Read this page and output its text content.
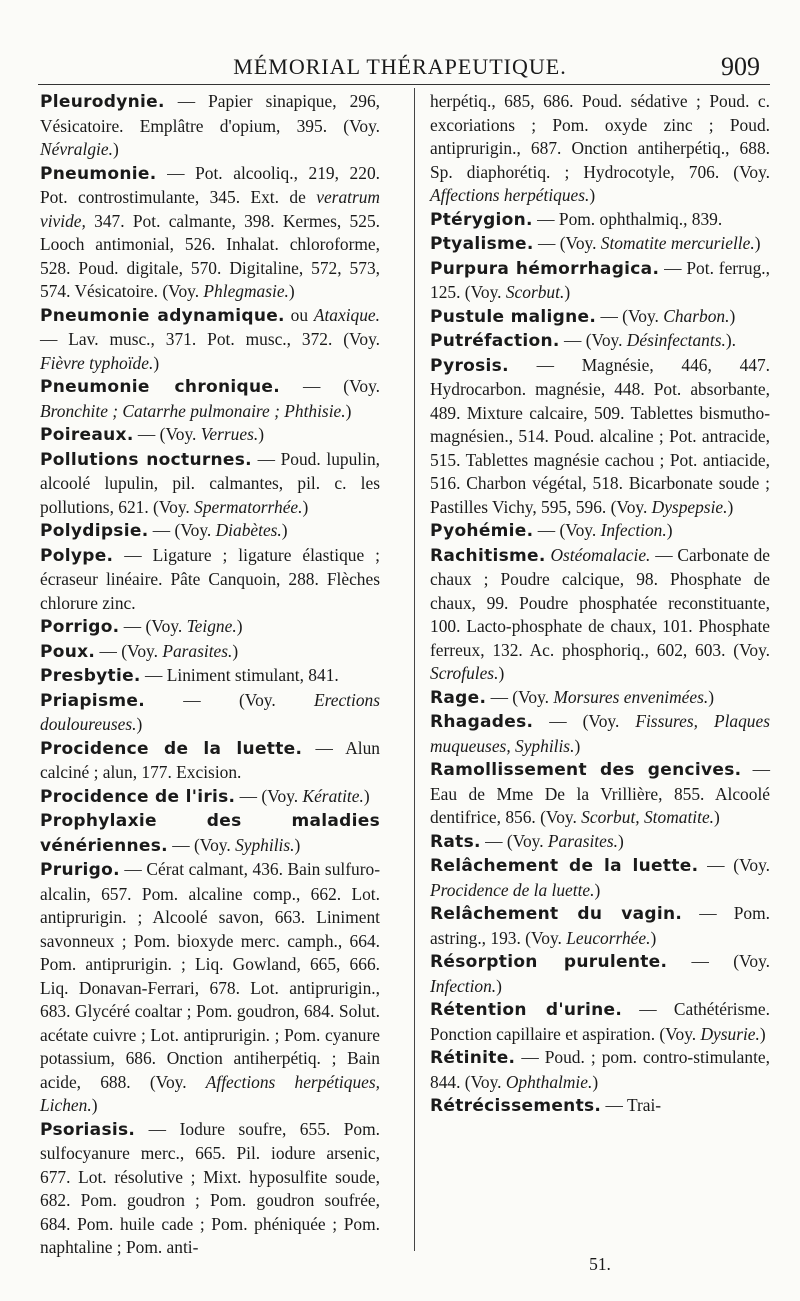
MÉMORIAL THÉRAPEUTIQUE.	909

Pleurodynie. — Papier sinapique, 296, Vésicatoire. Emplâtre d'opium, 395. (Voy. Névralgie.)

Pneumonie. — Pot. alcooliq., 219, 220. Pot. controstimulante, 345. Ext. de veratrum vivide, 347. Pot. calmante, 398. Kermes, 525. Looch antimonial, 526. Inhalat. chloroforme, 528. Poud. digitale, 570. Digitaline, 572, 573, 574. Vésicatoire. (Voy. Phlegmasie.)

Pneumonie adynamique. ou Ataxique. — Lav. musc., 371. Pot. musc., 372. (Voy. Fièvre typhoïde.)

Pneumonie chronique. — (Voy. Bronchite ; Catarrhe pulmonaire ; Phthisie.)

Poireaux. — (Voy. Verrues.)

Pollutions nocturnes. — Poud. lupulin, alcoolé lupulin, pil. calmantes, pil. c. les pollutions, 621. (Voy. Spermatorrhée.)

Polydipsie. — (Voy. Diabètes.)

Polype. — Ligature ; ligature élastique ; écraseur linéaire. Pâte Canquoin, 288. Flèches chlorure zinc.

Porrigo. — (Voy. Teigne.)

Poux. — (Voy. Parasites.)

Presbytie. — Liniment stimulant, 841.

Priapisme. — (Voy. Erections douloureuses.)

Procidence de la luette. — Alun calciné ; alun, 177. Excision.

Procidence de l'iris. — (Voy. Kératite.)

Prophylaxie des maladies vénériennes. — (Voy. Syphilis.)

Prurigo. — Cérat calmant, 436. Bain sulfuro-alcalin, 657. Pom. alcaline comp., 662. Lot. antiprurigin. ; Alcoolé savon, 663. Liniment savonneux ; Pom. bioxyde merc. camph., 664. Pom. antiprurigin. ; Liq. Gowland, 665, 666. Liq. Donavan-Ferrari, 678. Lot. antiprurigin., 683. Glycéré coaltar ; Pom. goudron, 684. Solut. acétate cuivre ; Lot. antiprurigin. ; Pom. cyanure potassium, 686. Onction antiherpétiq. ; Bain acide, 688. (Voy. Affections herpétiques, Lichen.)

Psoriasis. — Iodure soufre, 655. Pom. sulfocyanure merc., 665. Pil. iodure arsenic, 677. Lot. résolutive ; Mixt. hyposulfite soude, 682. Pom. goudron ; Pom. goudron soufrée, 684. Pom. huile cade ; Pom. phéniquée ; Pom. naphtaline ; Pom. anti-

herpétiq., 685, 686. Poud. sédative ; Poud. c. excoriations ; Pom. oxyde zinc ; Poud. antiprurigin., 687. Onction antiherpétiq., 688. Sp. diaphorétiq. ; Hydrocotyle, 706. (Voy. Affections herpétiques.)

Ptérygion. — Pom. ophthalmiq., 839.

Ptyalisme. — (Voy. Stomatite mercurielle.)

Purpura hémorrhagica. — Pot. ferrug., 125. (Voy. Scorbut.)

Pustule maligne. — (Voy. Charbon.)

Putréfaction. — (Voy. Désinfectants.).

Pyrosis. — Magnésie, 446, 447. Hydrocarbon. magnésie, 448. Pot. absorbante, 489. Mixture calcaire, 509. Tablettes bismutho-magnésien., 514. Poud. alcaline ; Pot. antracide, 515. Tablettes magnésie cachou ; Pot. antiacide, 516. Charbon végétal, 518. Bicarbonate soude ; Pastilles Vichy, 595, 596. (Voy. Dyspepsie.)

Pyohémie. — (Voy. Infection.)

Rachitisme. Ostéomalacie. — Carbonate de chaux ; Poudre calcique, 98. Phosphate de chaux, 99. Poudre phosphatée reconstituante, 100. Lacto-phosphate de chaux, 101. Phosphate ferreux, 132. Ac. phosphoriq., 602, 603. (Voy. Scrofules.)

Rage. — (Voy. Morsures envenimées.)

Rhagades. — (Voy. Fissures, Plaques muqueuses, Syphilis.)

Ramollissement des gencives. — Eau de Mme De la Vrillière, 855. Alcoolé dentifrice, 856. (Voy. Scorbut, Stomatite.)

Rats. — (Voy. Parasites.)

Relâchement de la luette. — (Voy. Procidence de la luette.)

Relâchement du vagin. — Pom. astring., 193. (Voy. Leucorrhée.)

Résorption purulente. — (Voy. Infection.)

Rétention d'urine. — Cathétérisme. Ponction capillaire et aspiration. (Voy. Dysurie.)

Rétinite. — Poud. ; pom. contro-stimulante, 844. (Voy. Ophthalmie.)

Rétrécissements. — Trai-

51.
